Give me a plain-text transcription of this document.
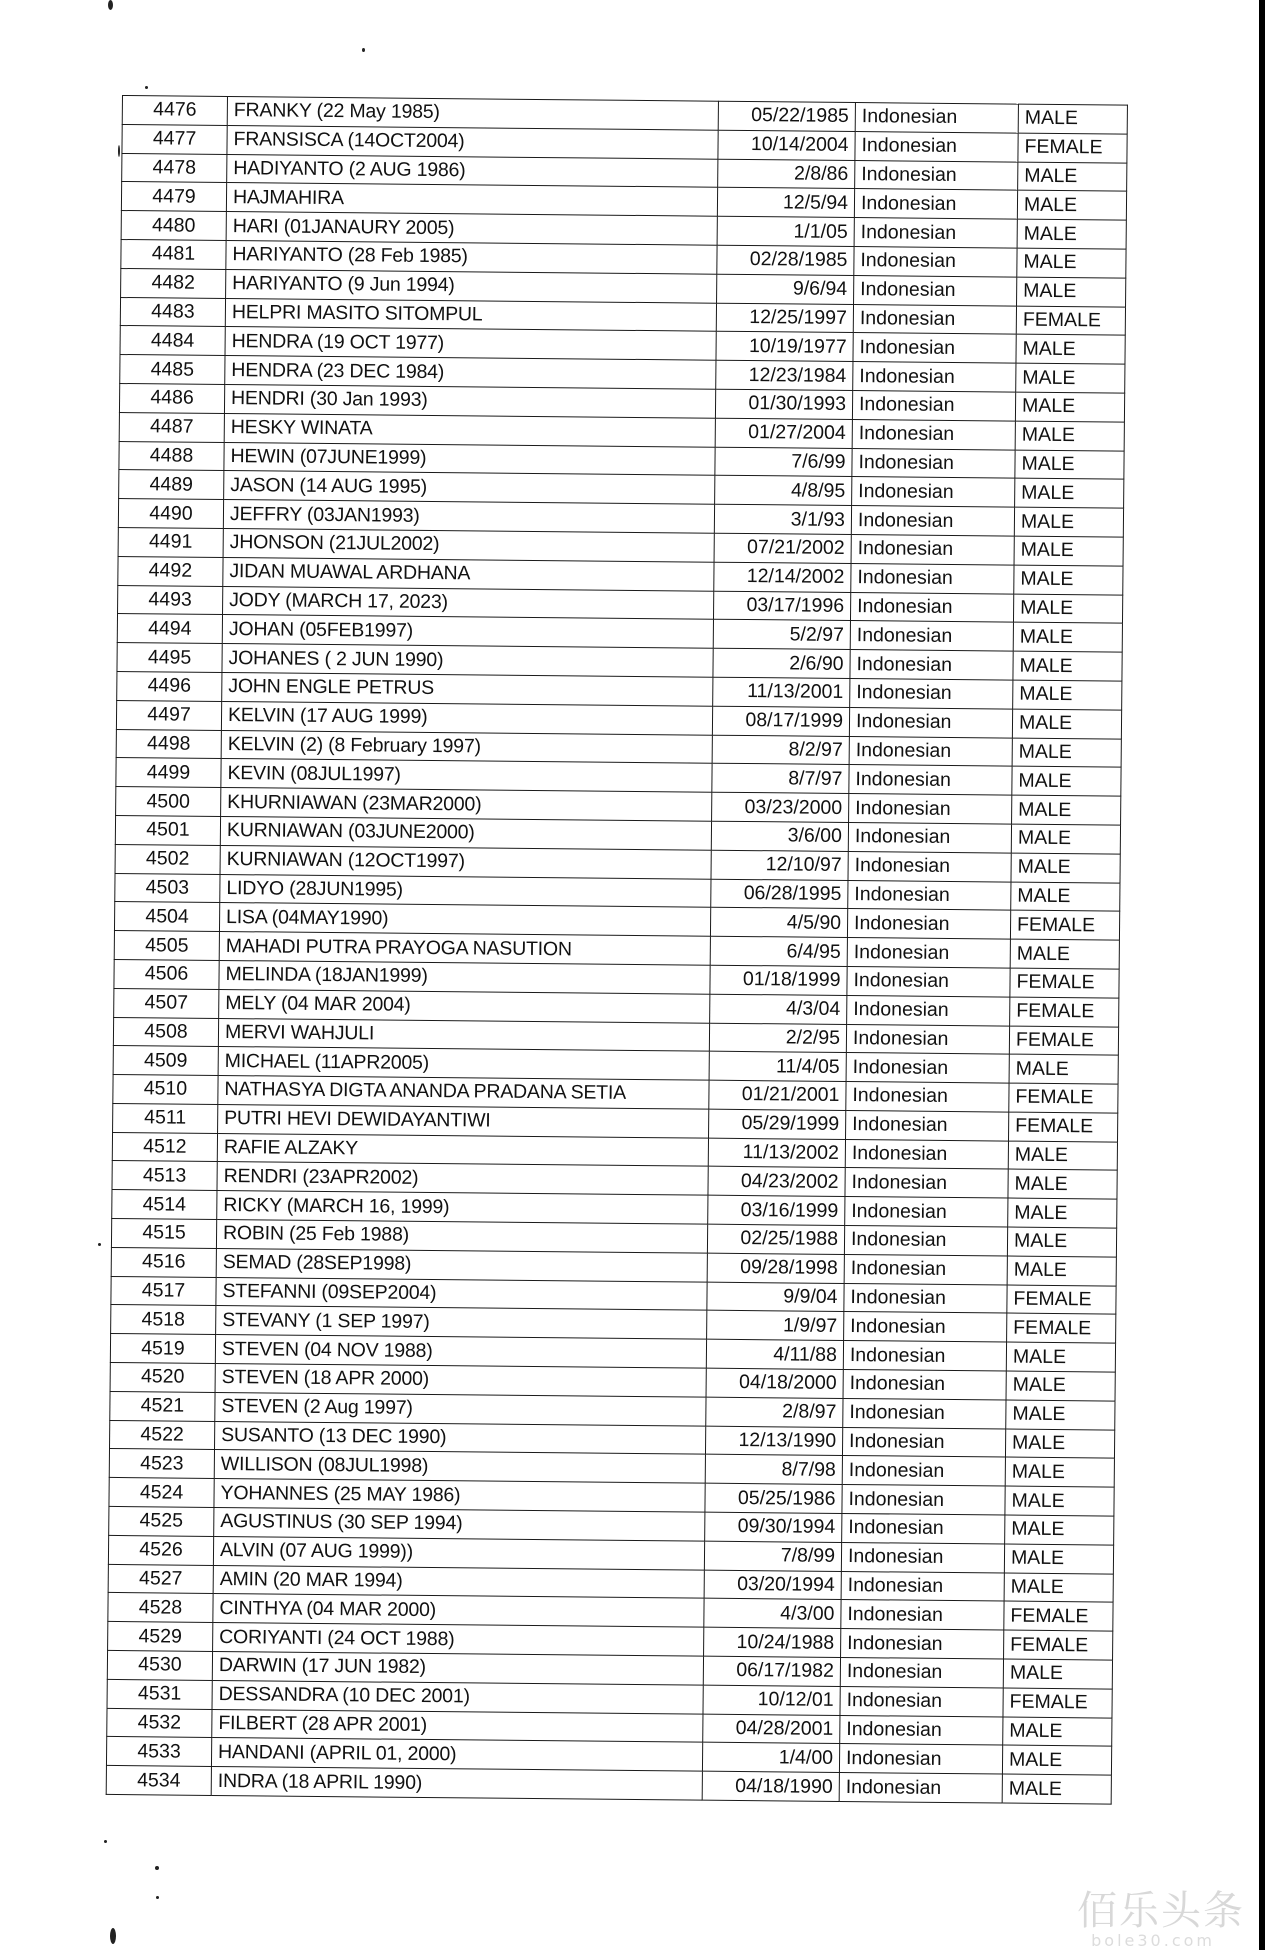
4476	FRANKY (22 May 1985)	05/22/1985	Indonesian	MALE
4477	FRANSISCA (14OCT2004)	10/14/2004	Indonesian	FEMALE
4478	HADIYANTO (2 AUG 1986)	2/8/86	Indonesian	MALE
4479	HAJMAHIRA	12/5/94	Indonesian	MALE
4480	HARI (01JANAURY 2005)	1/1/05	Indonesian	MALE
4481	HARIYANTO (28 Feb 1985)	02/28/1985	Indonesian	MALE
4482	HARIYANTO (9 Jun 1994)	9/6/94	Indonesian	MALE
4483	HELPRI MASITO SITOMPUL	12/25/1997	Indonesian	FEMALE
4484	HENDRA (19 OCT 1977)	10/19/1977	Indonesian	MALE
4485	HENDRA (23 DEC 1984)	12/23/1984	Indonesian	MALE
4486	HENDRI (30 Jan 1993)	01/30/1993	Indonesian	MALE
4487	HESKY WINATA	01/27/2004	Indonesian	MALE
4488	HEWIN (07JUNE1999)	7/6/99	Indonesian	MALE
4489	JASON (14 AUG 1995)	4/8/95	Indonesian	MALE
4490	JEFFRY (03JAN1993)	3/1/93	Indonesian	MALE
4491	JHONSON (21JUL2002)	07/21/2002	Indonesian	MALE
4492	JIDAN MUAWAL ARDHANA	12/14/2002	Indonesian	MALE
4493	JODY (MARCH 17, 2023)	03/17/1996	Indonesian	MALE
4494	JOHAN (05FEB1997)	5/2/97	Indonesian	MALE
4495	JOHANES ( 2 JUN 1990)	2/6/90	Indonesian	MALE
4496	JOHN ENGLE PETRUS	11/13/2001	Indonesian	MALE
4497	KELVIN (17 AUG 1999)	08/17/1999	Indonesian	MALE
4498	KELVIN (2) (8 February 1997)	8/2/97	Indonesian	MALE
4499	KEVIN (08JUL1997)	8/7/97	Indonesian	MALE
4500	KHURNIAWAN (23MAR2000)	03/23/2000	Indonesian	MALE
4501	KURNIAWAN (03JUNE2000)	3/6/00	Indonesian	MALE
4502	KURNIAWAN (12OCT1997)	12/10/97	Indonesian	MALE
4503	LIDYO (28JUN1995)	06/28/1995	Indonesian	MALE
4504	LISA (04MAY1990)	4/5/90	Indonesian	FEMALE
4505	MAHADI PUTRA PRAYOGA NASUTION	6/4/95	Indonesian	MALE
4506	MELINDA (18JAN1999)	01/18/1999	Indonesian	FEMALE
4507	MELY (04 MAR 2004)	4/3/04	Indonesian	FEMALE
4508	MERVI WAHJULI	2/2/95	Indonesian	FEMALE
4509	MICHAEL (11APR2005)	11/4/05	Indonesian	MALE
4510	NATHASYA DIGTA ANANDA PRADANA SETIA	01/21/2001	Indonesian	FEMALE
4511	PUTRI HEVI DEWIDAYANTIWI	05/29/1999	Indonesian	FEMALE
4512	RAFIE ALZAKY	11/13/2002	Indonesian	MALE
4513	RENDRI (23APR2002)	04/23/2002	Indonesian	MALE
4514	RICKY (MARCH 16, 1999)	03/16/1999	Indonesian	MALE
4515	ROBIN (25 Feb 1988)	02/25/1988	Indonesian	MALE
4516	SEMAD (28SEP1998)	09/28/1998	Indonesian	MALE
4517	STEFANNI (09SEP2004)	9/9/04	Indonesian	FEMALE
4518	STEVANY (1 SEP 1997)	1/9/97	Indonesian	FEMALE
4519	STEVEN (04 NOV 1988)	4/11/88	Indonesian	MALE
4520	STEVEN (18 APR 2000)	04/18/2000	Indonesian	MALE
4521	STEVEN (2 Aug 1997)	2/8/97	Indonesian	MALE
4522	SUSANTO (13 DEC 1990)	12/13/1990	Indonesian	MALE
4523	WILLISON (08JUL1998)	8/7/98	Indonesian	MALE
4524	YOHANNES (25 MAY 1986)	05/25/1986	Indonesian	MALE
4525	AGUSTINUS (30 SEP 1994)	09/30/1994	Indonesian	MALE
4526	ALVIN (07 AUG 1999))	7/8/99	Indonesian	MALE
4527	AMIN (20 MAR 1994)	03/20/1994	Indonesian	MALE
4528	CINTHYA (04 MAR 2000)	4/3/00	Indonesian	FEMALE
4529	CORIYANTI (24 OCT 1988)	10/24/1988	Indonesian	FEMALE
4530	DARWIN (17 JUN 1982)	06/17/1982	Indonesian	MALE
4531	DESSANDRA (10 DEC 2001)	10/12/01	Indonesian	FEMALE
4532	FILBERT (28 APR 2001)	04/28/2001	Indonesian	MALE
4533	HANDANI (APRIL 01, 2000)	1/4/00	Indonesian	MALE
4534	INDRA (18 APRIL 1990)	04/18/1990	Indonesian	MALE
佰乐头条
bole30.com
